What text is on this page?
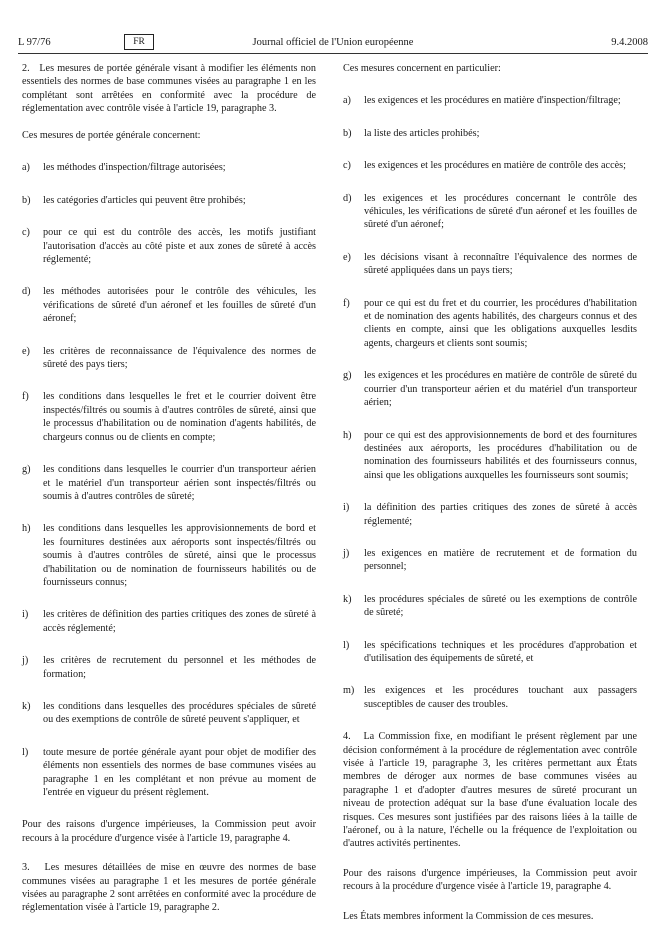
L 97/76	FR	Journal officiel de l'Union européenne	9.4.2008

2.   Les mesures de portée générale visant à modifier les éléments non essentiels des normes de base communes visées au paragraphe 1 en les complétant sont arrêtées en conformité avec la procédure de réglementation avec contrôle visée à l'article 19, paragraphe 3.

Ces mesures de portée générale concernent:

a) les méthodes d'inspection/filtrage autorisées;
b) les catégories d'articles qui peuvent être prohibés;
c) pour ce qui est du contrôle des accès, les motifs justifiant l'autorisation d'accès au côté piste et aux zones de sûreté à accès réglementé;
d) les méthodes autorisées pour le contrôle des véhicules, les vérifications de sûreté d'un aéronef et les fouilles de sûreté d'un aéronef;
e) les critères de reconnaissance de l'équivalence des normes de sûreté des pays tiers;
f) les conditions dans lesquelles le fret et le courrier doivent être inspectés/filtrés ou soumis à d'autres contrôles de sûreté, ainsi que le processus d'habilitation ou de nomination d'agents habilités, de chargeurs connus ou de clients en compte;
g) les conditions dans lesquelles le courrier d'un transporteur aérien et le matériel d'un transporteur aérien sont inspectés/filtrés ou soumis à d'autres contrôles de sûreté;
h) les conditions dans lesquelles les approvisionnements de bord et les fournitures destinées aux aéroports sont inspectés/filtrés ou soumis à d'autres contrôles de sûreté, ainsi que le processus d'habilitation ou de nomination de fournisseurs habilités ou de fournisseurs connus;
i) les critères de définition des parties critiques des zones de sûreté à accès réglementé;
j) les critères de recrutement du personnel et les méthodes de formation;
k) les conditions dans lesquelles des procédures spéciales de sûreté ou des exemptions de contrôle de sûreté peuvent s'appliquer, et
l) toute mesure de portée générale ayant pour objet de modifier des éléments non essentiels des normes de base communes visées au paragraphe 1 en les complétant et non prévue au moment de l'entrée en vigueur du présent règlement.

Pour des raisons d'urgence impérieuses, la Commission peut avoir recours à la procédure d'urgence visée à l'article 19, paragraphe 4.

3.   Les mesures détaillées de mise en œuvre des normes de base communes visées au paragraphe 1 et les mesures de portée générale visées au paragraphe 2 sont arrêtées en conformité avec la procédure de réglementation visée à l'article 19, paragraphe 2.

Ces mesures concernent en particulier:

a) les exigences et les procédures en matière d'inspection/filtrage;
b) la liste des articles prohibés;
c) les exigences et les procédures en matière de contrôle des accès;
d) les exigences et les procédures concernant le contrôle des véhicules, les vérifications de sûreté d'un aéronef et les fouilles de sûreté d'un aéronef;
e) les décisions visant à reconnaître l'équivalence des normes de sûreté appliquées dans un pays tiers;
f) pour ce qui est du fret et du courrier, les procédures d'habilitation et de nomination des agents habilités, des chargeurs connus et des clients en compte, ainsi que les obligations auxquelles lesdits agents, chargeurs et clients sont soumis;
g) les exigences et les procédures en matière de contrôle de sûreté du courrier d'un transporteur aérien et du matériel d'un transporteur aérien;
h) pour ce qui est des approvisionnements de bord et des fournitures destinées aux aéroports, les procédures d'habilitation ou de nomination des fournisseurs habilités et des fournisseurs connus, ainsi que les obligations auxquelles les fournisseurs sont soumis;
i) la définition des parties critiques des zones de sûreté à accès réglementé;
j) les exigences en matière de recrutement et de formation du personnel;
k) les procédures spéciales de sûreté ou les exemptions de contrôle de sûreté;
l) les spécifications techniques et les procédures d'approbation et d'utilisation des équipements de sûreté, et
m) les exigences et les procédures touchant aux passagers susceptibles de causer des troubles.

4.   La Commission fixe, en modifiant le présent règlement par une décision conformément à la procédure de réglementation avec contrôle visée à l'article 19, paragraphe 3, les critères permettant aux États membres de déroger aux normes de base communes visées au paragraphe 1 et d'adopter d'autres mesures de sûreté procurant un niveau de protection adéquat sur la base d'une évaluation locale des risques. Ces mesures sont justifiées par des raisons liées à la taille de l'aéronef, ou à la nature, l'échelle ou la fréquence de l'exploitation ou d'autres activités pertinentes.

Pour des raisons d'urgence impérieuses, la Commission peut avoir recours à la procédure d'urgence visée à l'article 19, paragraphe 4.

Les États membres informent la Commission de ces mesures.
